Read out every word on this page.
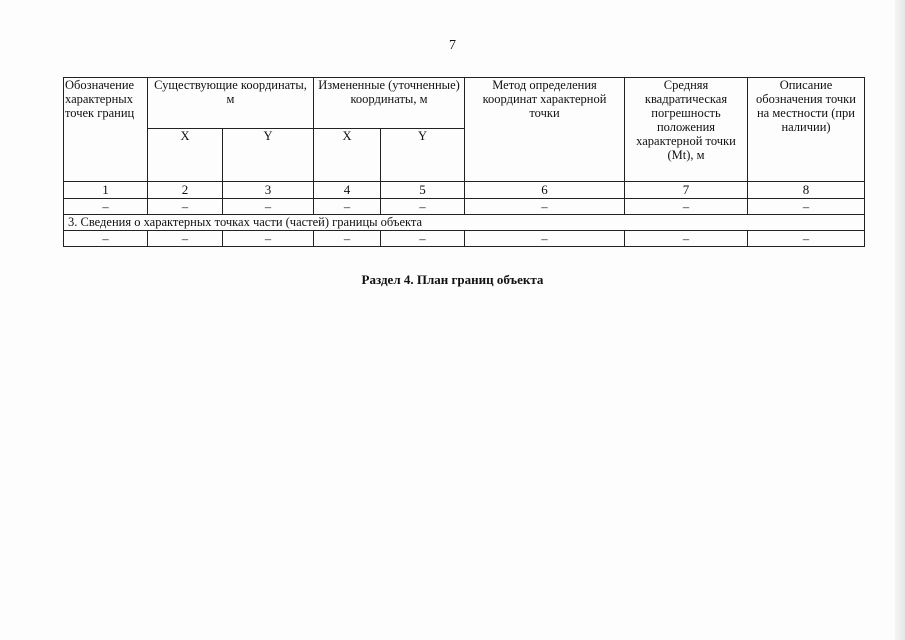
7
Обозначение характерных точек границ	Существующие координаты, м		Измененные (уточненные) координаты, м		Метод определения координат характерной точки	Средняя квадратическая погрешность положения характерной точки (Mt), м	Описание обозначения точки на местности (при наличии)
	X	Y	X	Y			
1	2	3	4	5	6	7	8
–	–	–	–	–	–	–	–
3. Сведения о характерных точках части (частей) границы объекта							
–	–	–	–	–	–	–	–
Раздел 4. План границ объекта
